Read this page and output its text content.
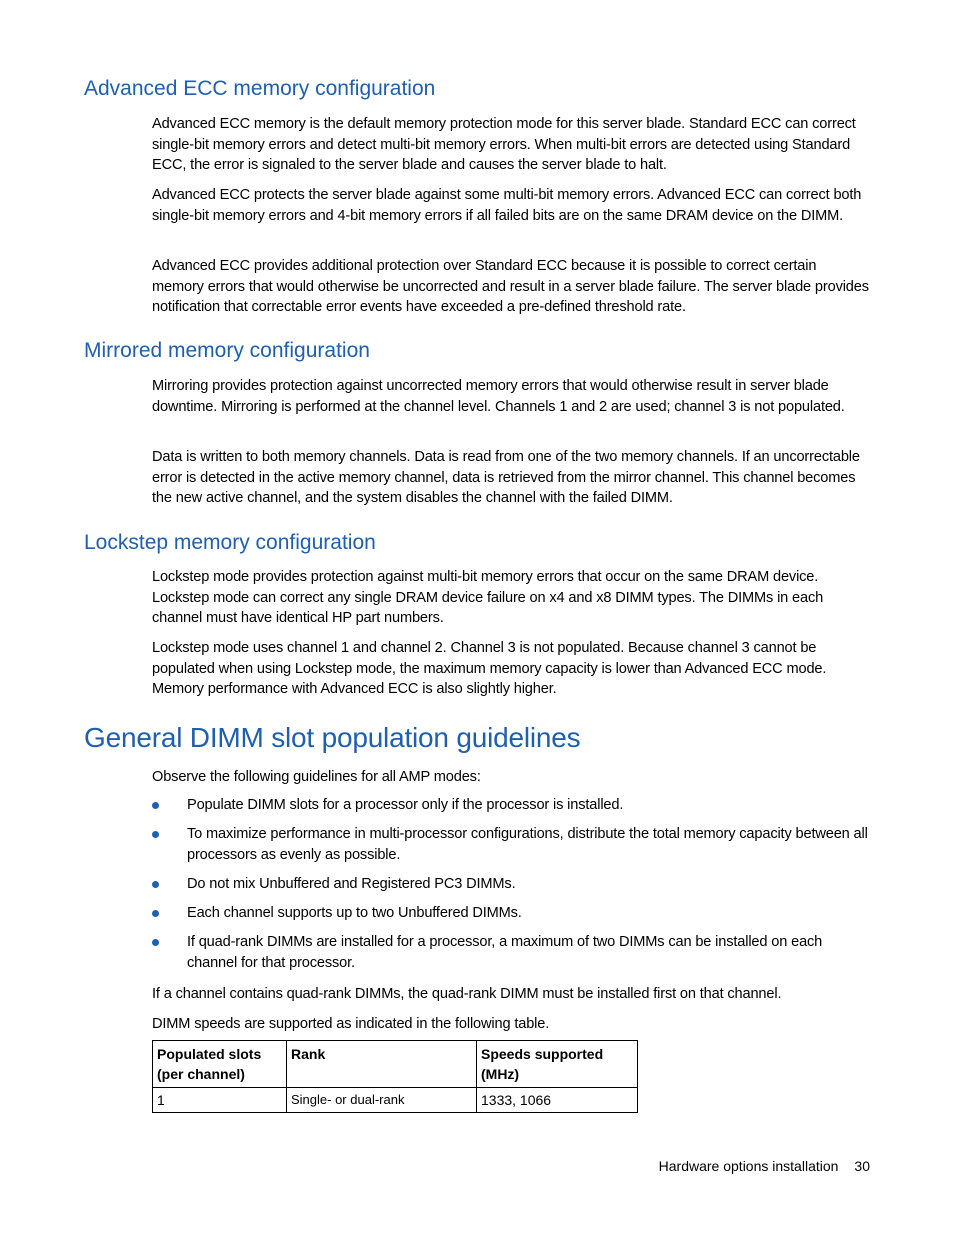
Advanced ECC memory configuration

Advanced ECC memory is the default memory protection mode for this server blade. Standard ECC can correct single-bit memory errors and detect multi-bit memory errors. When multi-bit errors are detected using Standard ECC, the error is signaled to the server blade and causes the server blade to halt.

Advanced ECC protects the server blade against some multi-bit memory errors. Advanced ECC can correct both single-bit memory errors and 4-bit memory errors if all failed bits are on the same DRAM device on the DIMM.

Advanced ECC provides additional protection over Standard ECC because it is possible to correct certain memory errors that would otherwise be uncorrected and result in a server blade failure. The server blade provides notification that correctable error events have exceeded a pre-defined threshold rate.

Mirrored memory configuration

Mirroring provides protection against uncorrected memory errors that would otherwise result in server blade downtime. Mirroring is performed at the channel level. Channels 1 and 2 are used; channel 3 is not populated.

Data is written to both memory channels. Data is read from one of the two memory channels. If an uncorrectable error is detected in the active memory channel, data is retrieved from the mirror channel. This channel becomes the new active channel, and the system disables the channel with the failed DIMM.

Lockstep memory configuration

Lockstep mode provides protection against multi-bit memory errors that occur on the same DRAM device. Lockstep mode can correct any single DRAM device failure on x4 and x8 DIMM types. The DIMMs in each channel must have identical HP part numbers.

Lockstep mode uses channel 1 and channel 2. Channel 3 is not populated. Because channel 3 cannot be populated when using Lockstep mode, the maximum memory capacity is lower than Advanced ECC mode. Memory performance with Advanced ECC is also slightly higher.

General DIMM slot population guidelines

Observe the following guidelines for all AMP modes:

Populate DIMM slots for a processor only if the processor is installed.
To maximize performance in multi-processor configurations, distribute the total memory capacity between all processors as evenly as possible.
Do not mix Unbuffered and Registered PC3 DIMMs.
Each channel supports up to two Unbuffered DIMMs.
If quad-rank DIMMs are installed for a processor, a maximum of two DIMMs can be installed on each channel for that processor.

If a channel contains quad-rank DIMMs, the quad-rank DIMM must be installed first on that channel.

DIMM speeds are supported as indicated in the following table.

Populated slots (per channel)	Rank	Speeds supported (MHz)
1	Single- or dual-rank	1333, 1066
Hardware options installation 30
